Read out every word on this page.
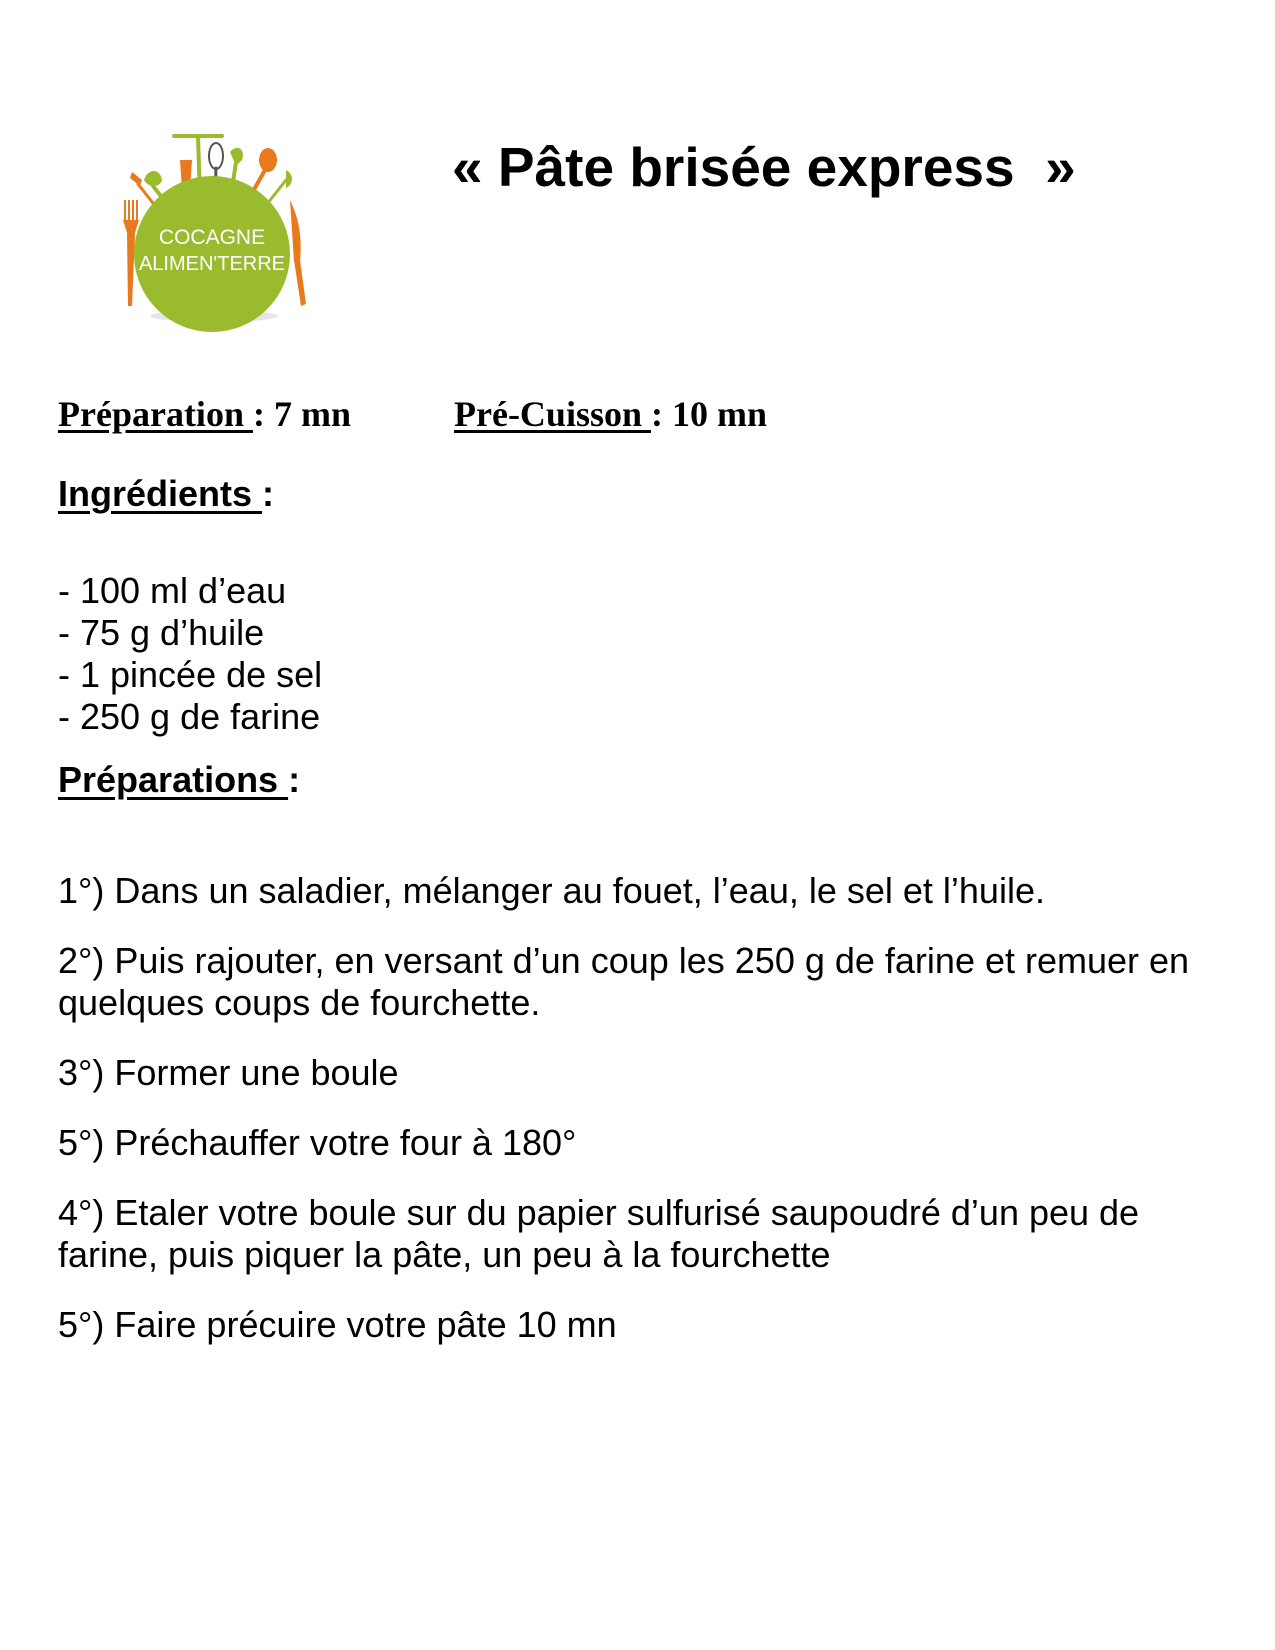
COCAGNE
ALIMEN'TERRE
« Pâte brisée express  »
Préparation : 7 mn	Pré-Cuisson : 10 mn
Ingrédients :
- 100 ml d’eau
- 75 g d’huile
- 1 pincée de sel
- 250 g de farine
Préparations :
1°) Dans un saladier, mélanger au fouet, l’eau, le sel et l’huile.
2°) Puis rajouter, en versant d’un coup les 250 g de farine et remuer en quelques coups de fourchette.
3°) Former une boule
5°) Préchauffer votre four à 180°
4°) Etaler votre boule sur du papier sulfurisé saupoudré d’un peu de farine, puis piquer la pâte, un peu à la fourchette
5°) Faire précuire votre pâte 10 mn
